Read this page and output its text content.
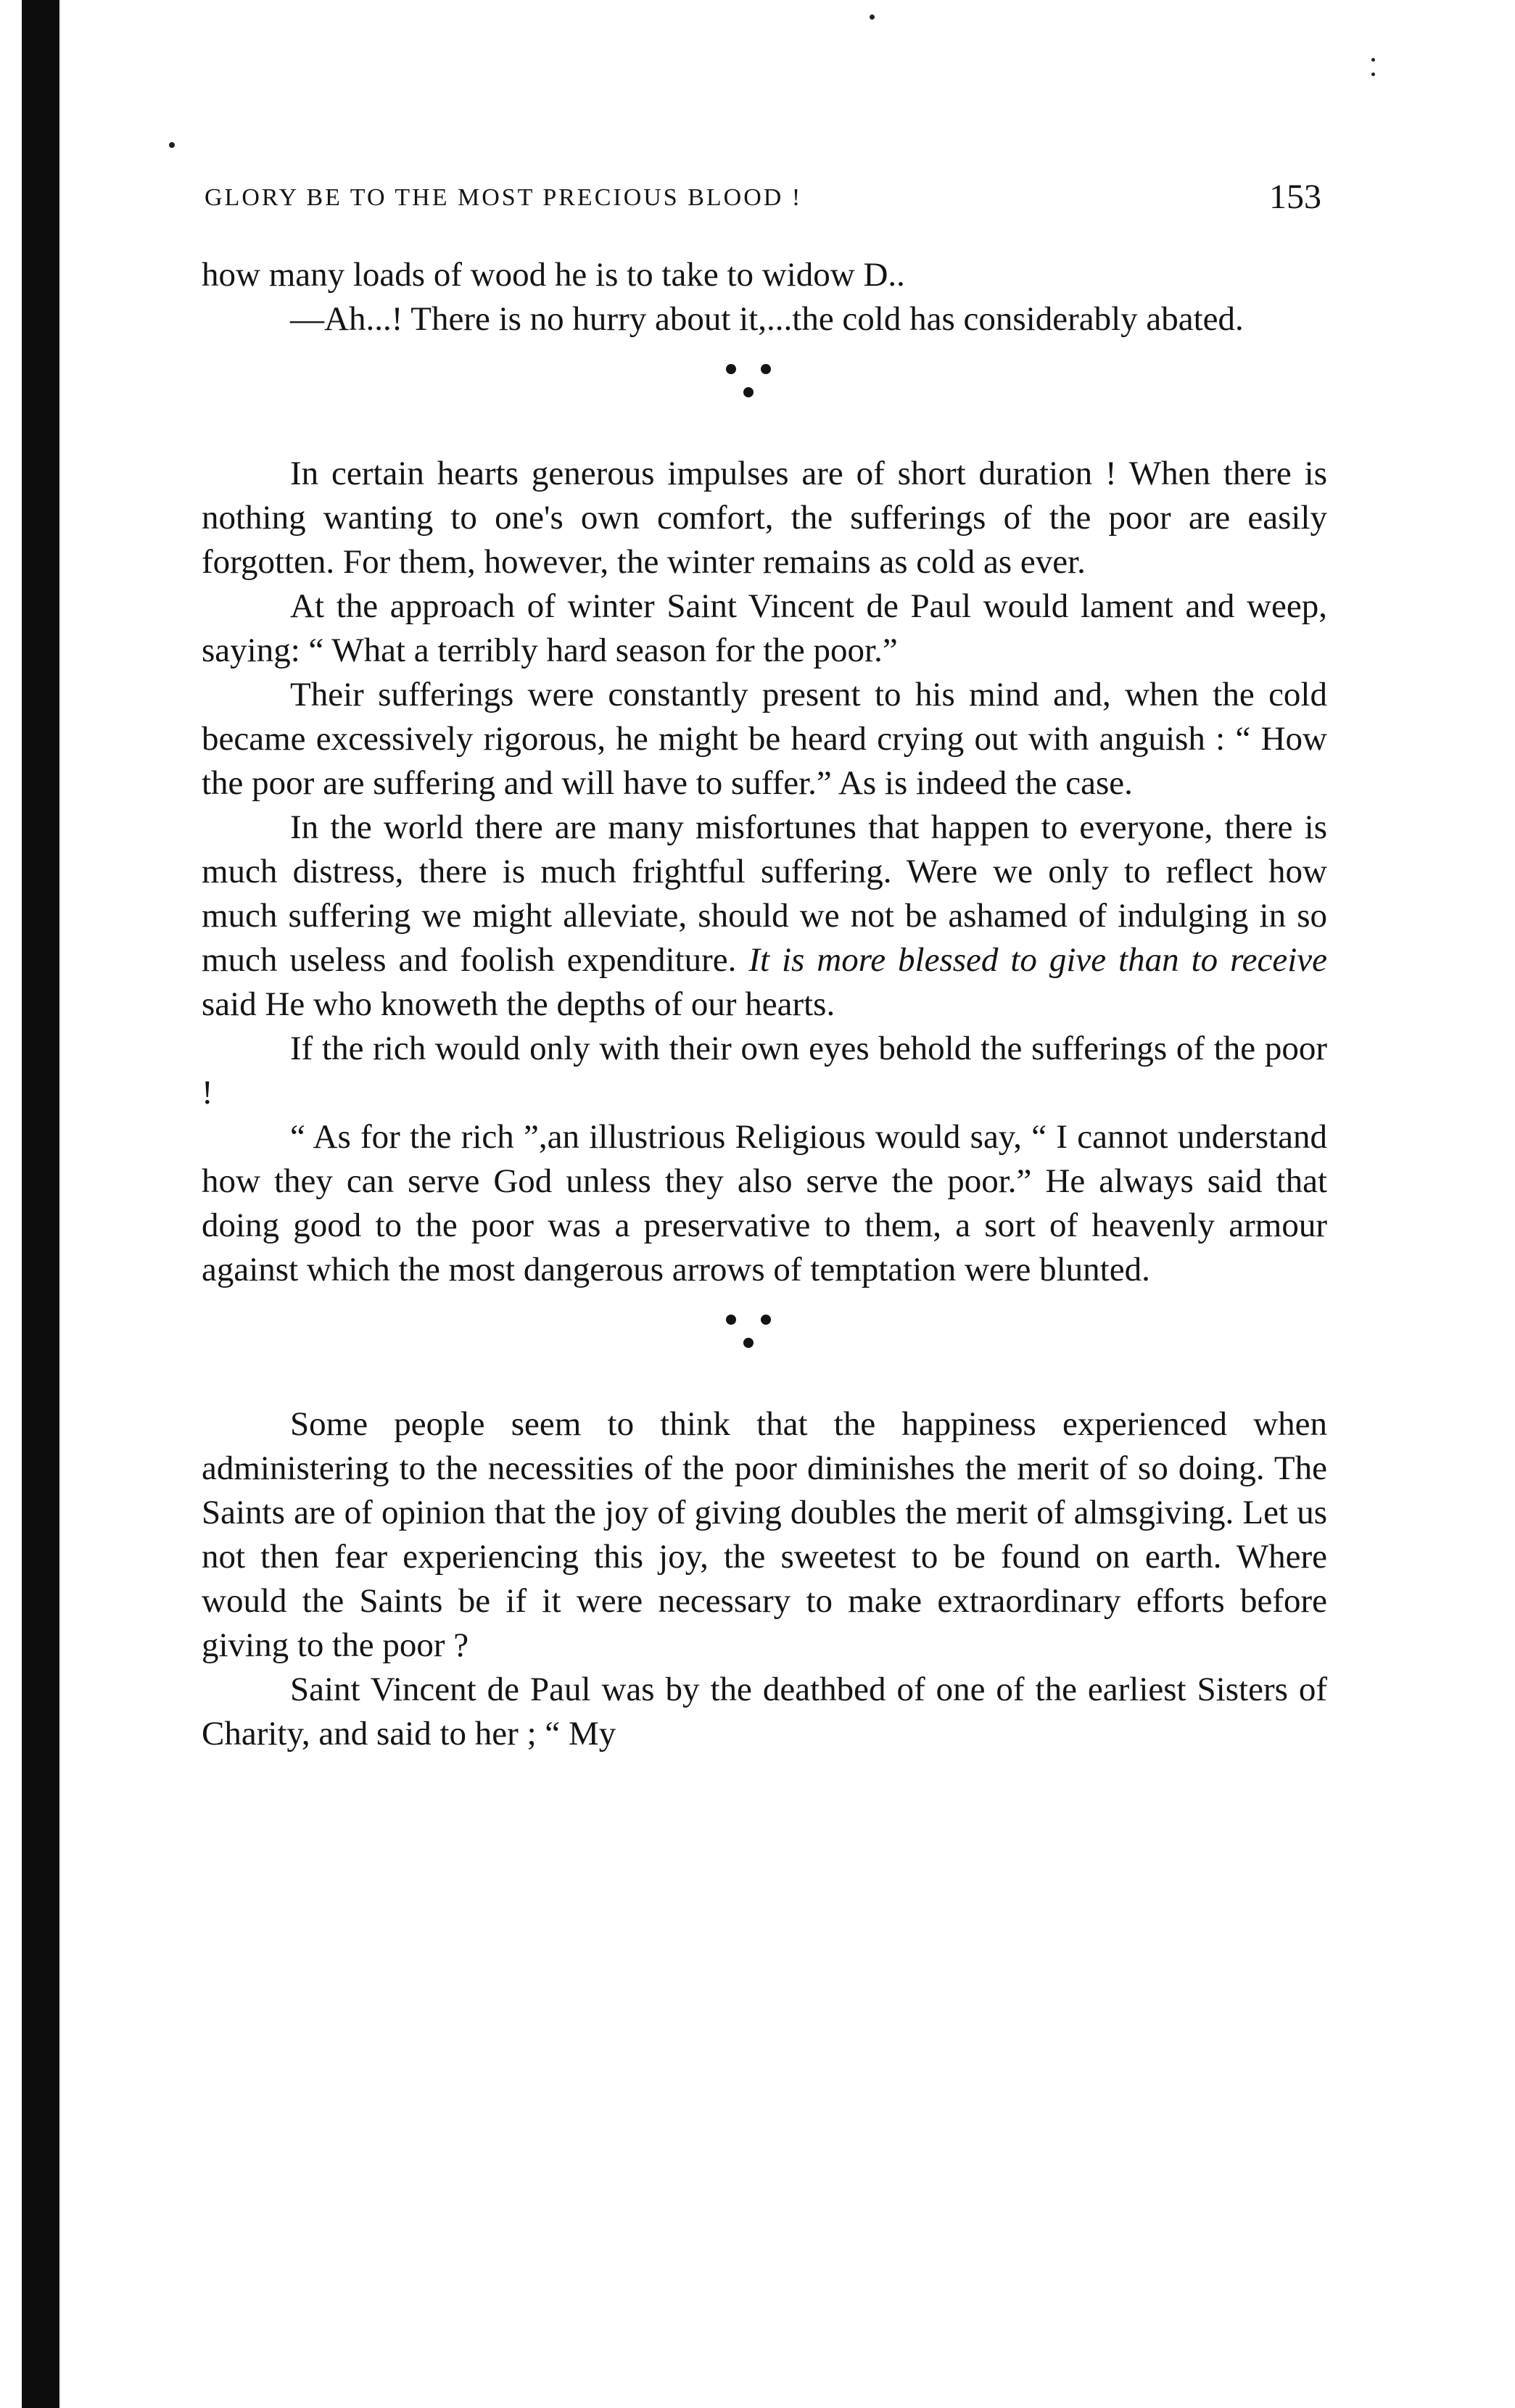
GLORY BE TO THE MOST PRECIOUS BLOOD !	153

how many loads of wood he is to take to widow D..

—Ah...! There is no hurry about it,...the cold has considerably abated.

In certain hearts generous impulses are of short duration ! When there is nothing wanting to one's own comfort, the sufferings of the poor are easily forgotten. For them, however, the winter remains as cold as ever.

At the approach of winter Saint Vincent de Paul would lament and weep, saying: “ What a terribly hard season for the poor.”

Their sufferings were constantly present to his mind and, when the cold became excessively rigorous, he might be heard crying out with anguish : “ How the poor are suffering and will have to suffer.” As is indeed the case.

In the world there are many misfortunes that happen to everyone, there is much distress, there is much frightful suffering. Were we only to reflect how much suffering we might alleviate, should we not be ashamed of indulging in so much useless and foolish expenditure. It is more blessed to give than to receive said He who knoweth the depths of our hearts.

If the rich would only with their own eyes behold the sufferings of the poor !

“ As for the rich ”,an illustrious Religious would say, “ I cannot understand how they can serve God unless they also serve the poor.” He always said that doing good to the poor was a preservative to them, a sort of heavenly armour against which the most dangerous arrows of temptation were blunted.

Some people seem to think that the happiness experienced when administering to the necessities of the poor diminishes the merit of so doing. The Saints are of opinion that the joy of giving doubles the merit of almsgiving. Let us not then fear experiencing this joy, the sweetest to be found on earth. Where would the Saints be if it were necessary to make extraordinary efforts before giving to the poor ?

Saint Vincent de Paul was by the deathbed of one of the earliest Sisters of Charity, and said to her ; “ My
